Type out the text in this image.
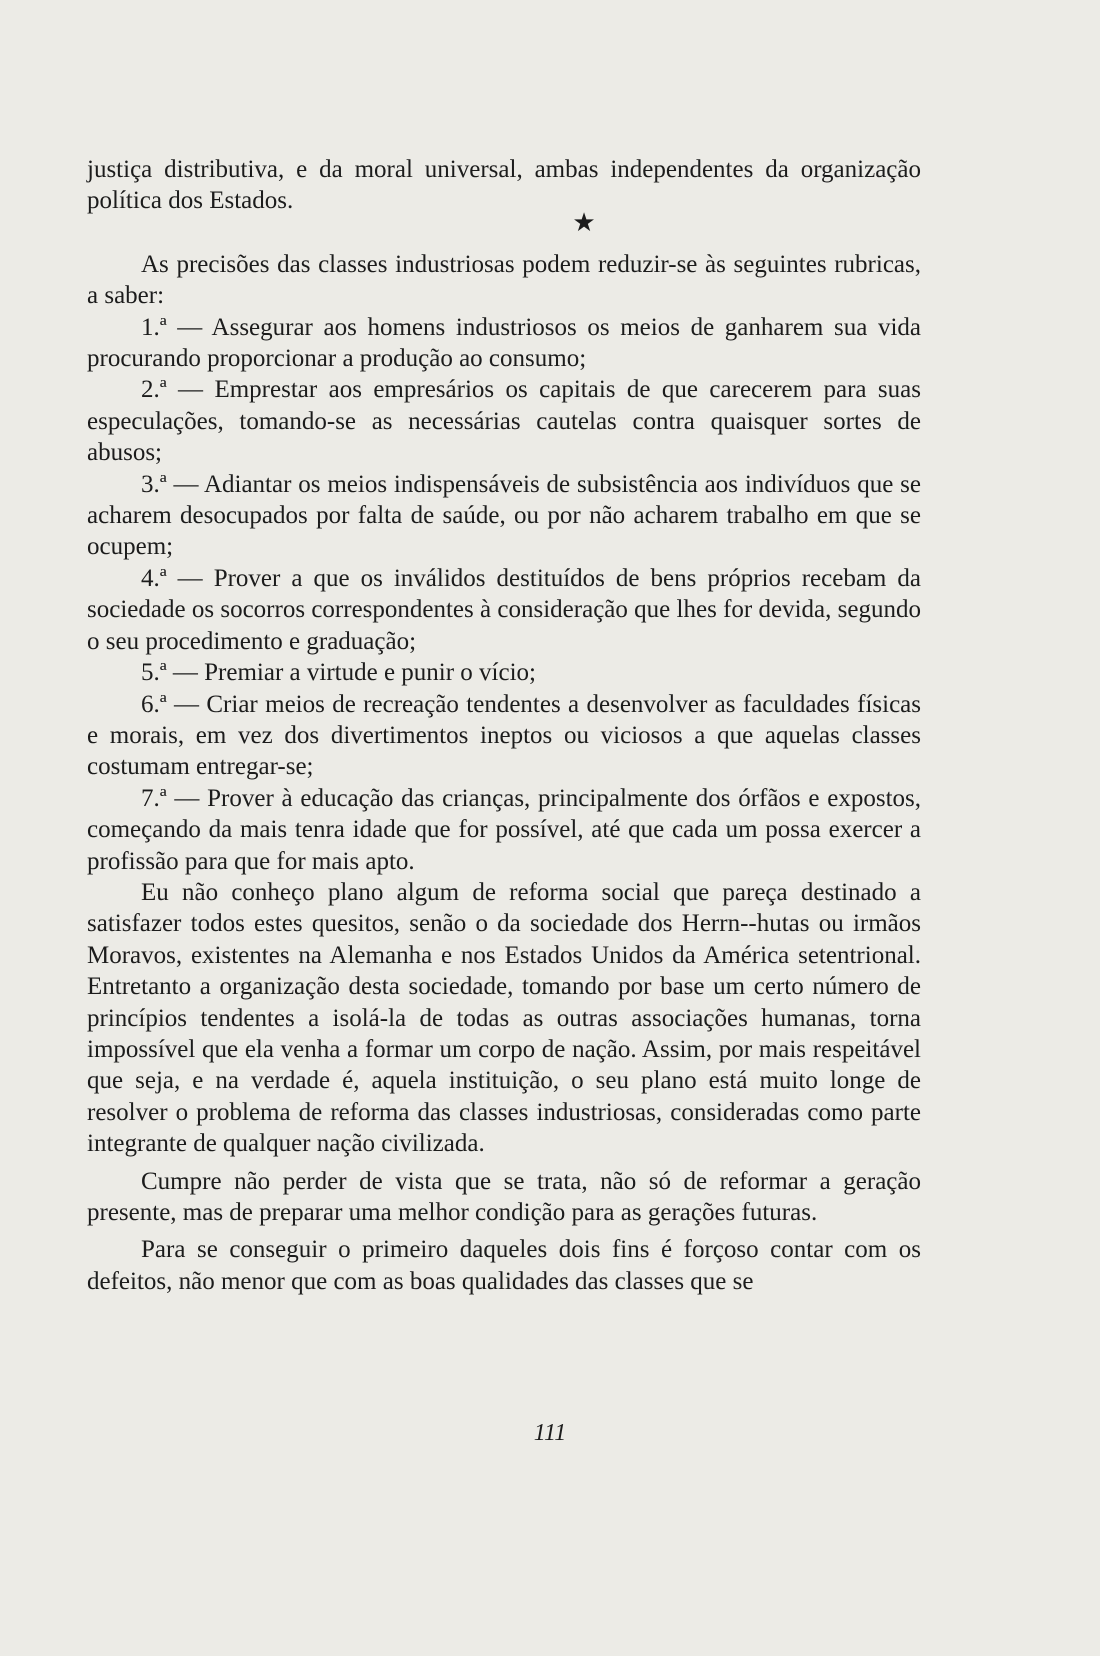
justiça distributiva, e da moral universal, ambas independentes da organização política dos Estados.

★

As precisões das classes industriosas podem reduzir-se às seguintes rubricas, a saber:

1.ª — Assegurar aos homens industriosos os meios de ganharem sua vida procurando proporcionar a produção ao consumo;

2.ª — Emprestar aos empresários os capitais de que carecerem para suas especulações, tomando-se as necessárias cautelas contra quaisquer sortes de abusos;

3.ª — Adiantar os meios indispensáveis de subsistência aos indivíduos que se acharem desocupados por falta de saúde, ou por não acharem trabalho em que se ocupem;

4.ª — Prover a que os inválidos destituídos de bens próprios recebam da sociedade os socorros correspondentes à consideração que lhes for devida, segundo o seu procedimento e graduação;

5.ª — Premiar a virtude e punir o vício;

6.ª — Criar meios de recreação tendentes a desenvolver as faculdades físicas e morais, em vez dos divertimentos ineptos ou viciosos a que aquelas classes costumam entregar-se;

7.ª — Prover à educação das crianças, principalmente dos órfãos e expostos, começando da mais tenra idade que for possível, até que cada um possa exercer a profissão para que for mais apto.

Eu não conheço plano algum de reforma social que pareça destinado a satisfazer todos estes quesitos, senão o da sociedade dos Herrn--hutas ou irmãos Moravos, existentes na Alemanha e nos Estados Unidos da América setentrional. Entretanto a organização desta sociedade, tomando por base um certo número de princípios tendentes a isolá-la de todas as outras associações humanas, torna impossível que ela venha a formar um corpo de nação. Assim, por mais respeitável que seja, e na verdade é, aquela instituição, o seu plano está muito longe de resolver o problema de reforma das classes industriosas, consideradas como parte integrante de qualquer nação civilizada.

Cumpre não perder de vista que se trata, não só de reformar a geração presente, mas de preparar uma melhor condição para as gerações futuras.

Para se conseguir o primeiro daqueles dois fins é forçoso contar com os defeitos, não menor que com as boas qualidades das classes que se

111
